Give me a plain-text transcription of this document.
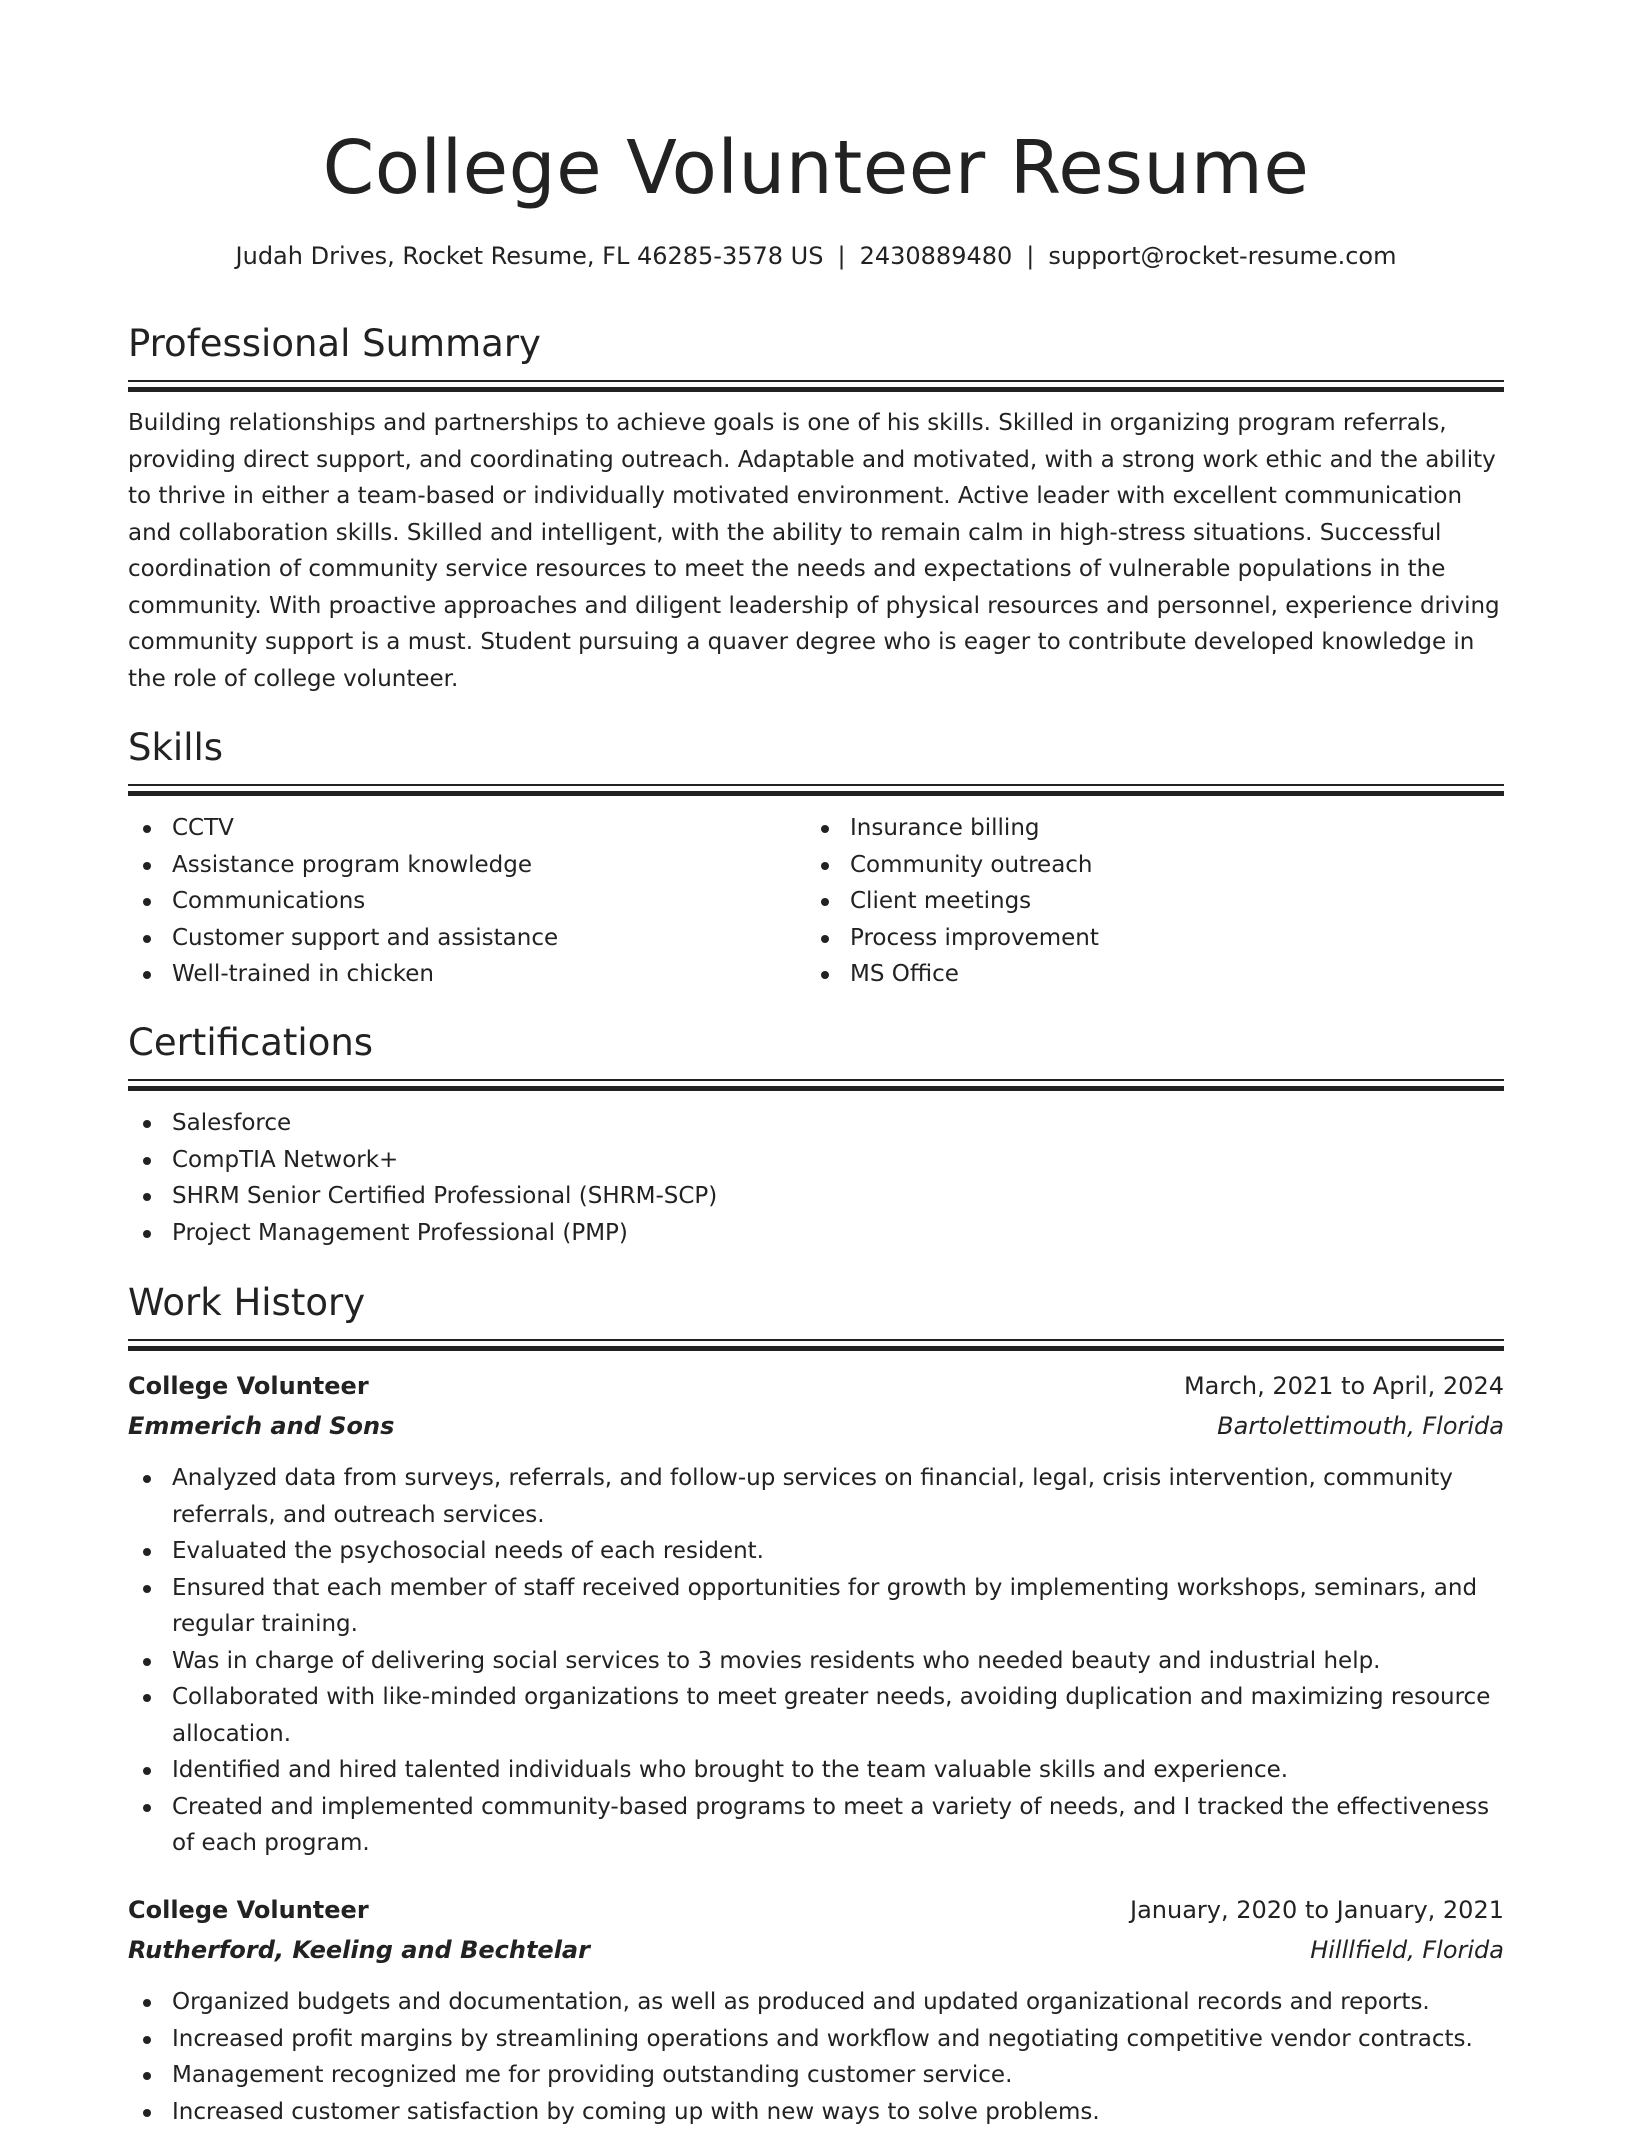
College Volunteer Resume
Judah Drives, Rocket Resume, FL 46285-3578 US | 2430889480 | support@rocket-resume.com
Professional Summary

Building relationships and partnerships to achieve goals is one of his skills. Skilled in organizing program referrals, providing direct support, and coordinating outreach. Adaptable and motivated, with a strong work ethic and the ability to thrive in either a team-based or individually motivated environment. Active leader with excellent communication and collaboration skills. Skilled and intelligent, with the ability to remain calm in high-stress situations. Successful coordination of community service resources to meet the needs and expectations of vulnerable populations in the community. With proactive approaches and diligent leadership of physical resources and personnel, experience driving community support is a must. Student pursuing a quaver degree who is eager to contribute developed knowledge in the role of college volunteer.

Skills
CCTV
Assistance program knowledge
Communications
Customer support and assistance
Well-trained in chicken
Insurance billing
Community outreach
Client meetings
Process improvement
MS Office
Certifications
Salesforce
CompTIA Network+
SHRM Senior Certified Professional (SHRM-SCP)
Project Management Professional (PMP)
Work History
College Volunteer	March, 2021 to April, 2024
Emmerich and Sons	Bartolettimouth, Florida
Analyzed data from surveys, referrals, and follow-up services on financial, legal, crisis intervention, community referrals, and outreach services.
Evaluated the psychosocial needs of each resident.
Ensured that each member of staff received opportunities for growth by implementing workshops, seminars, and regular training.
Was in charge of delivering social services to 3 movies residents who needed beauty and industrial help.
Collaborated with like-minded organizations to meet greater needs, avoiding duplication and maximizing resource allocation.
Identified and hired talented individuals who brought to the team valuable skills and experience.
Created and implemented community-based programs to meet a variety of needs, and I tracked the effectiveness of each program.
College Volunteer	January, 2020 to January, 2021
Rutherford, Keeling and Bechtelar	Hilllfield, Florida
Organized budgets and documentation, as well as produced and updated organizational records and reports.
Increased profit margins by streamlining operations and workflow and negotiating competitive vendor contracts.
Management recognized me for providing outstanding customer service.
Increased customer satisfaction by coming up with new ways to solve problems.
